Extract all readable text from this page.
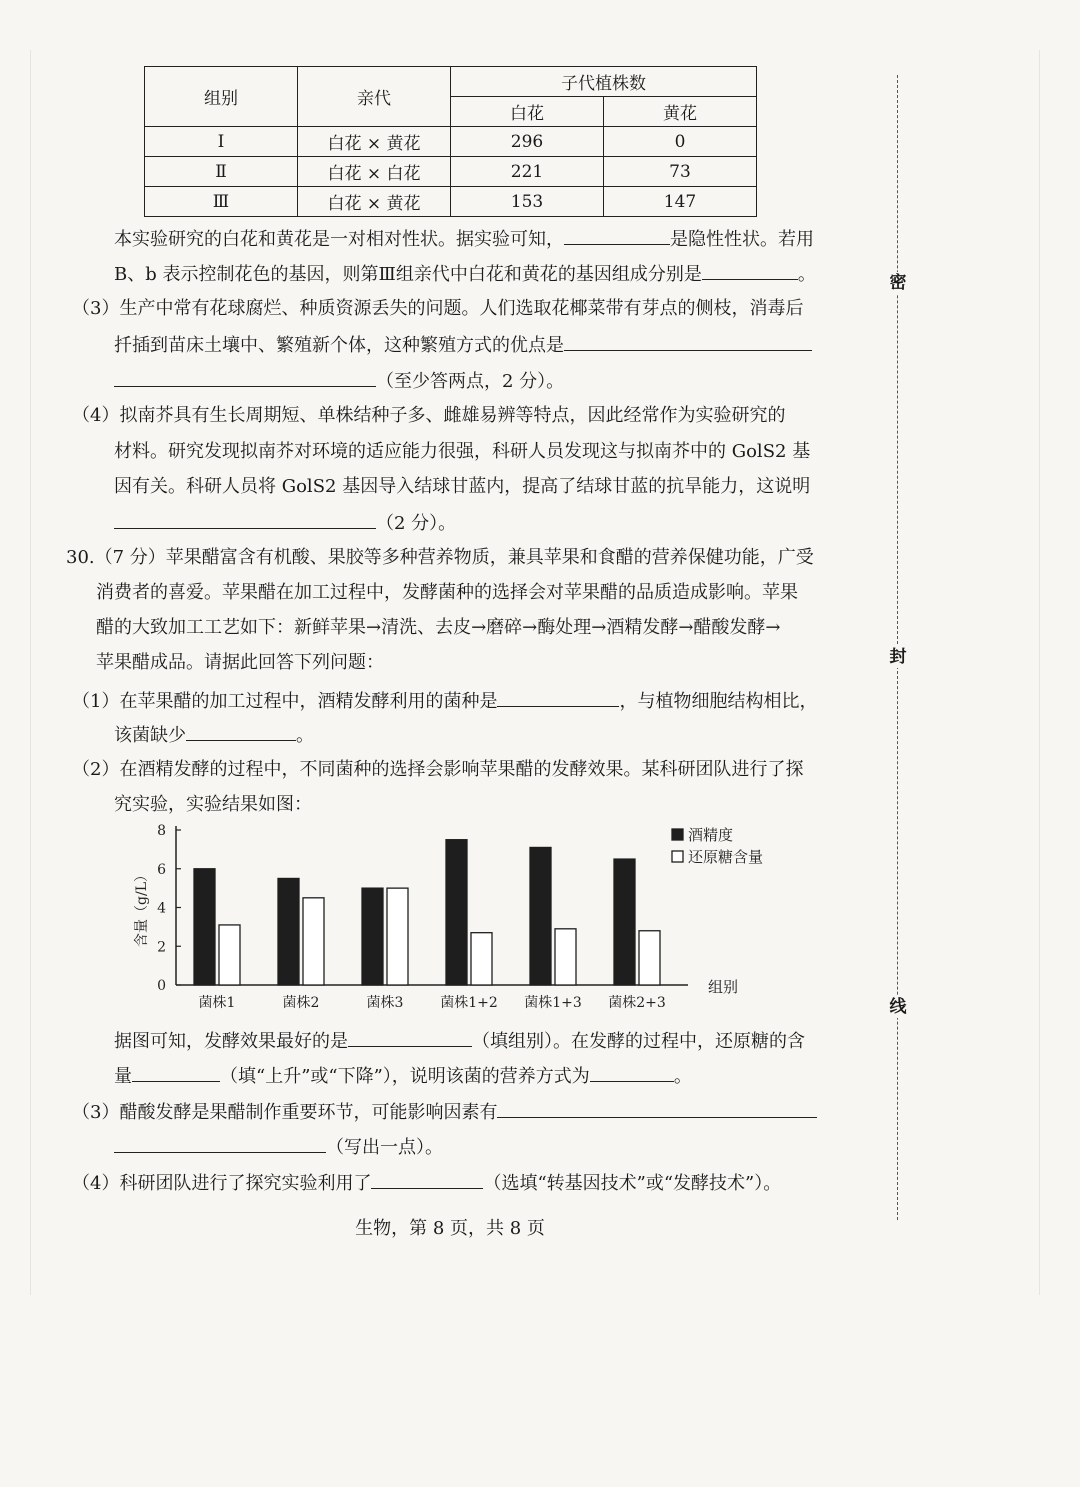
组别	亲代	子代植株数	
		白花	黄花
Ⅰ	白花 × 黄花	296	0
Ⅱ	白花 × 白花	221	73
Ⅲ	白花 × 黄花	153	147
本实验研究的白花和黄花是一对相对性状。据实验可知，	是隐性性状。若用
B、b 表示控制花色的基因，则第Ⅲ组亲代中白花和黄花的基因组成分别是	。
（3）生产中常有花球腐烂、种质资源丢失的问题。人们选取花椰菜带有芽点的侧枝，消毒后
扦插到苗床土壤中、繁殖新个体，这种繁殖方式的优点是
（至少答两点，2 分）。
（4）拟南芥具有生长周期短、单株结种子多、雌雄易辨等特点，因此经常作为实验研究的
材料。研究发现拟南芥对环境的适应能力很强，科研人员发现这与拟南芥中的 GolS2 基
因有关。科研人员将 GolS2 基因导入结球甘蓝内，提高了结球甘蓝的抗旱能力，这说明
（2 分）。
30.（7 分）苹果醋富含有机酸、果胶等多种营养物质，兼具苹果和食醋的营养保健功能，广受
消费者的喜爱。苹果醋在加工过程中，发酵菌种的选择会对苹果醋的品质造成影响。苹果
醋的大致加工工艺如下：新鲜苹果→清洗、去皮→磨碎→酶处理→酒精发酵→醋酸发酵→
苹果醋成品。请据此回答下列问题：
（1）在苹果醋的加工过程中，酒精发酵利用的菌种是	，与植物细胞结构相比，
该菌缺少	。
（2）在酒精发酵的过程中，不同菌种的选择会影响苹果醋的发酵效果。某科研团队进行了探
究实验，实验结果如图：
0
2
4
6
8
含量（g/L）
菌株1	菌株2	菌株3	菌株1+2 菌株1+3 菌株2+3
组别
酒精度
还原糖含量
据图可知，发酵效果最好的是	（填组别）。在发酵的过程中，还原糖的含
量	（填“上升”或“下降”），说明该菌的营养方式为	。
（3）醋酸发酵是果醋制作重要环节，可能影响因素有
（写出一点）。
（4）科研团队进行了探究实验利用了	（选填“转基因技术”或“发酵技术”）。
生物，第 8 页，共 8 页
密
封
线
